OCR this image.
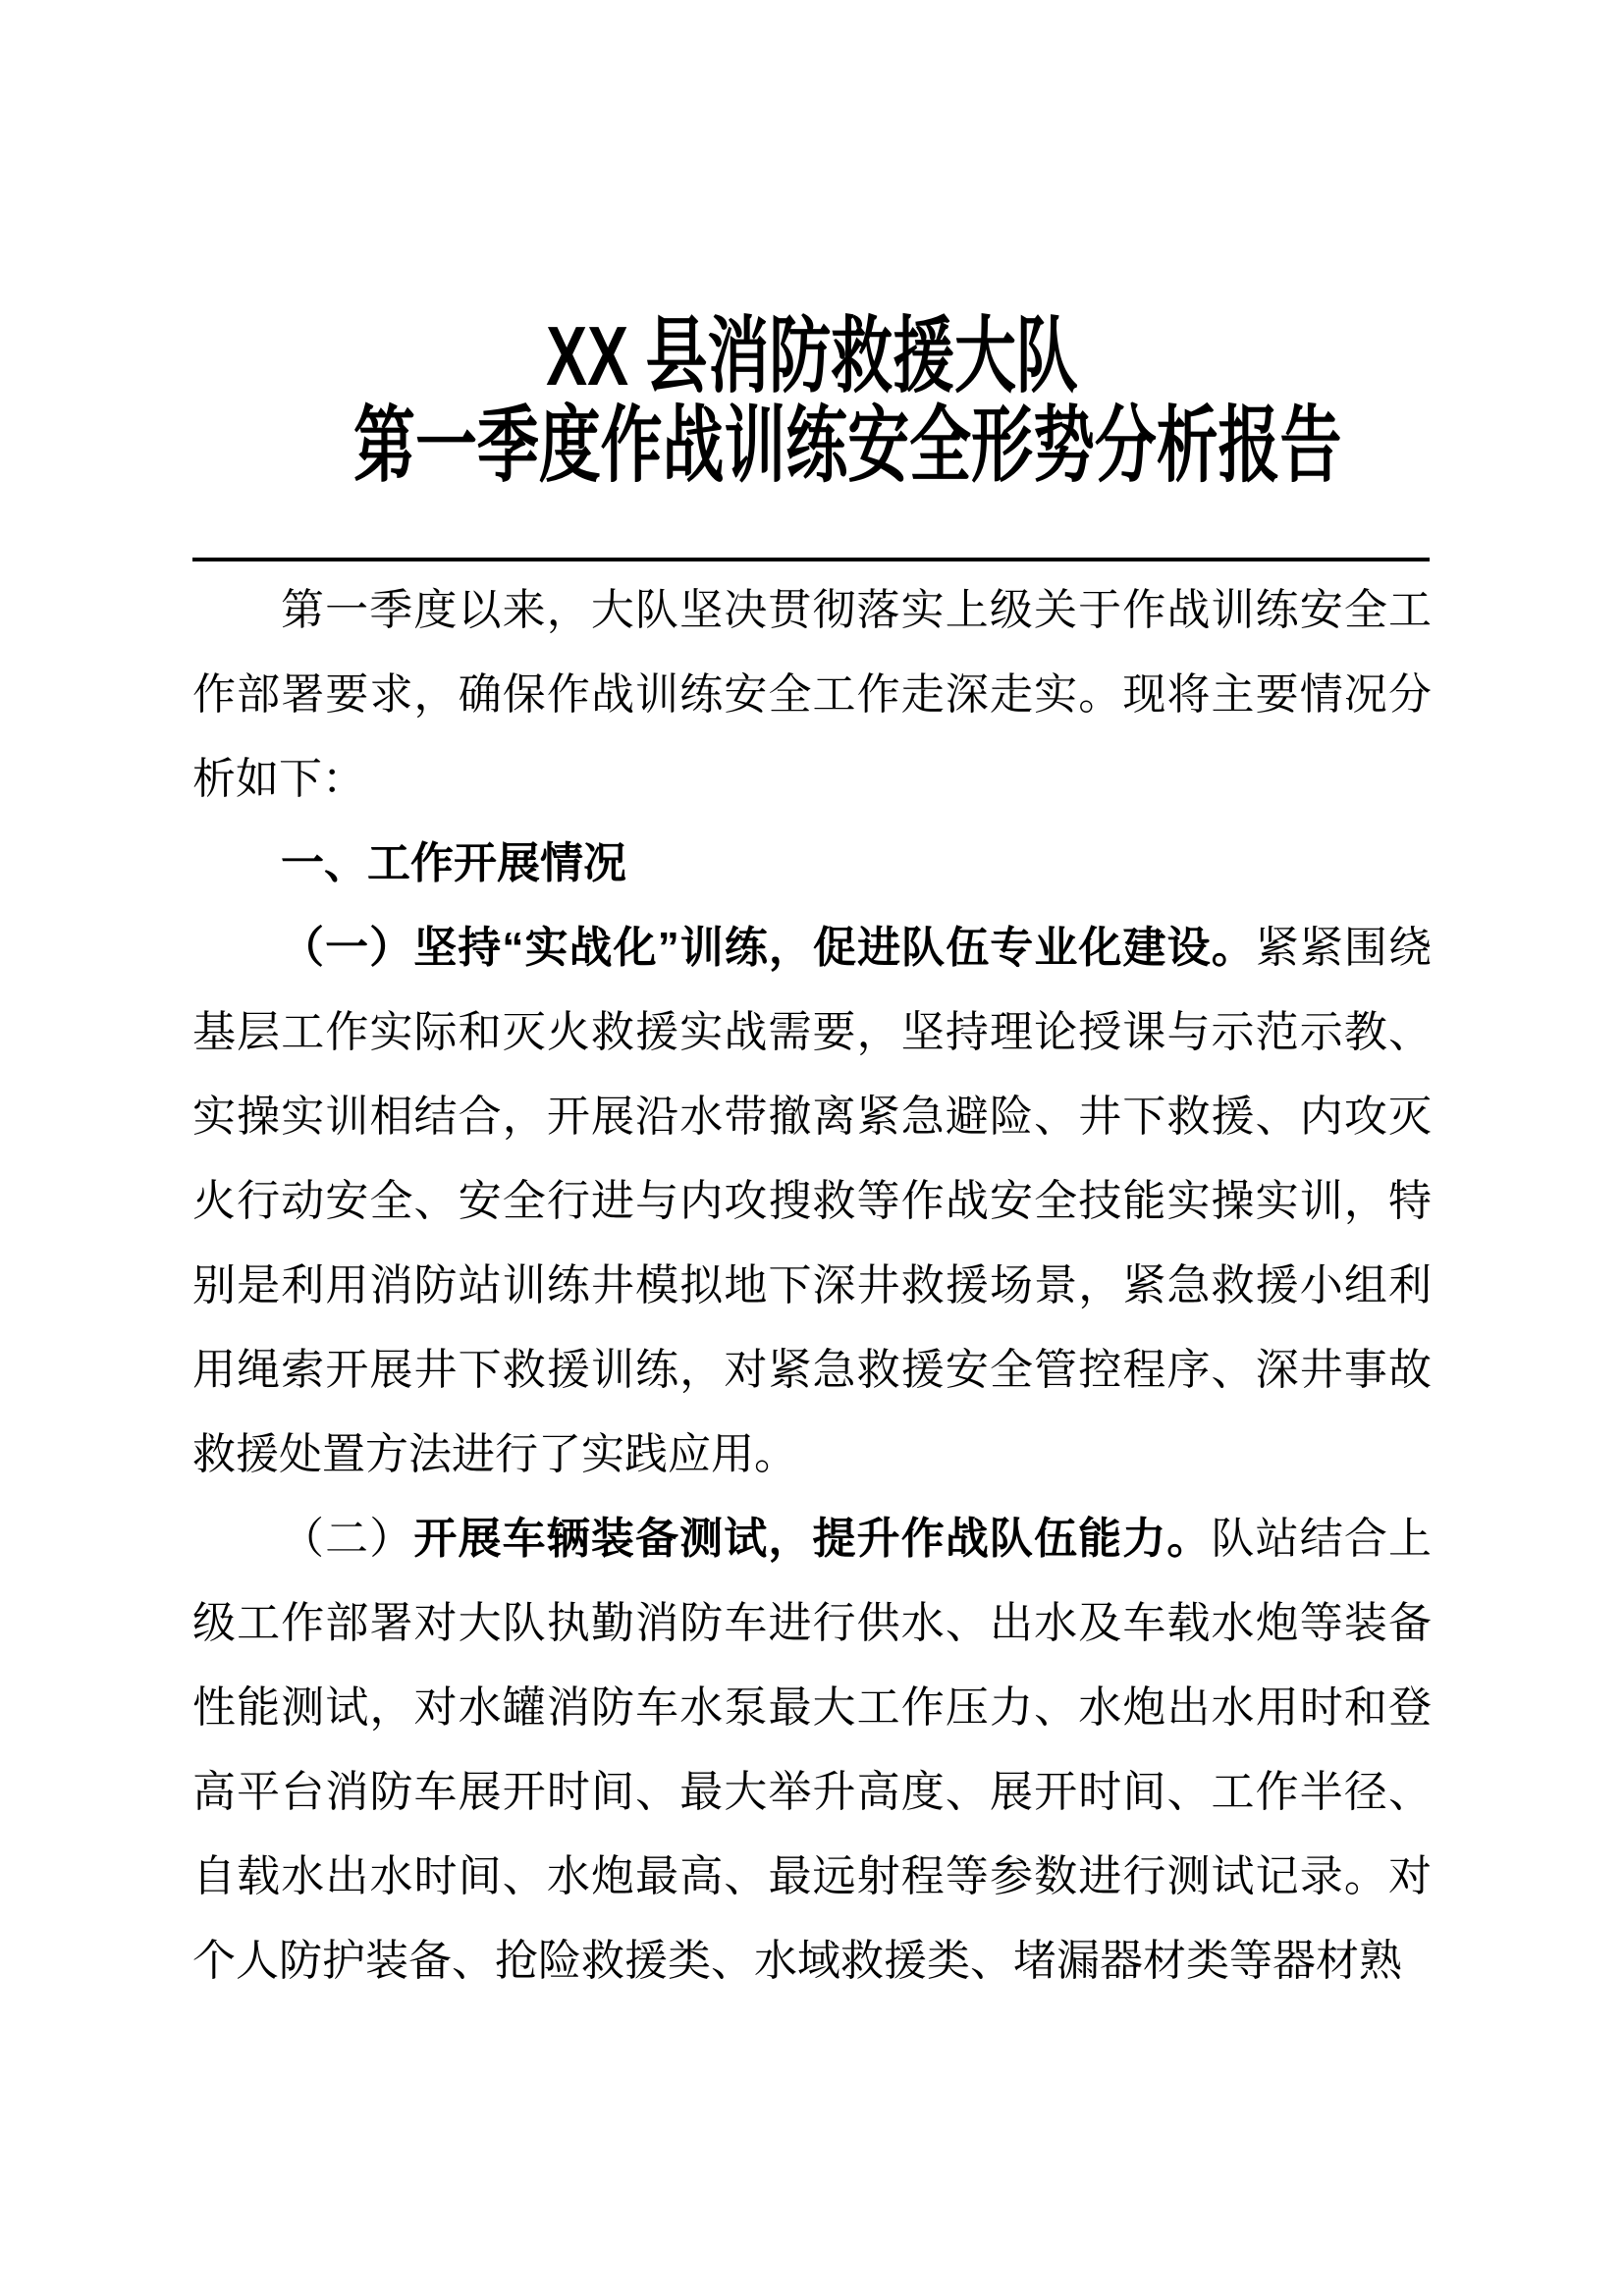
XX 县消防救援大队
第一季度作战训练安全形势分析报告

第一季度以来，大队坚决贯彻落实上级关于作战训练安全工作部署要求，确保作战训练安全工作走深走实。现将主要情况分析如下：

一、工作开展情况

（一）坚持“实战化”训练，促进队伍专业化建设。紧紧围绕基层工作实际和灭火救援实战需要，坚持理论授课与示范示教、实操实训相结合，开展沿水带撤离紧急避险、井下救援、内攻灭火行动安全、安全行进与内攻搜救等作战安全技能实操实训，特别是利用消防站训练井模拟地下深井救援场景，紧急救援小组利用绳索开展井下救援训练，对紧急救援安全管控程序、深井事故救援处置方法进行了实践应用。

（二）开展车辆装备测试，提升作战队伍能力。队站结合上级工作部署对大队执勤消防车进行供水、出水及车载水炮等装备性能测试，对水罐消防车水泵最大工作压力、水炮出水用时和登高平台消防车展开时间、最大举升高度、展开时间、工作半径、自载水出水时间、水炮最高、最远射程等参数进行测试记录。对个人防护装备、抢险救援类、水域救援类、堵漏器材类等器材熟
